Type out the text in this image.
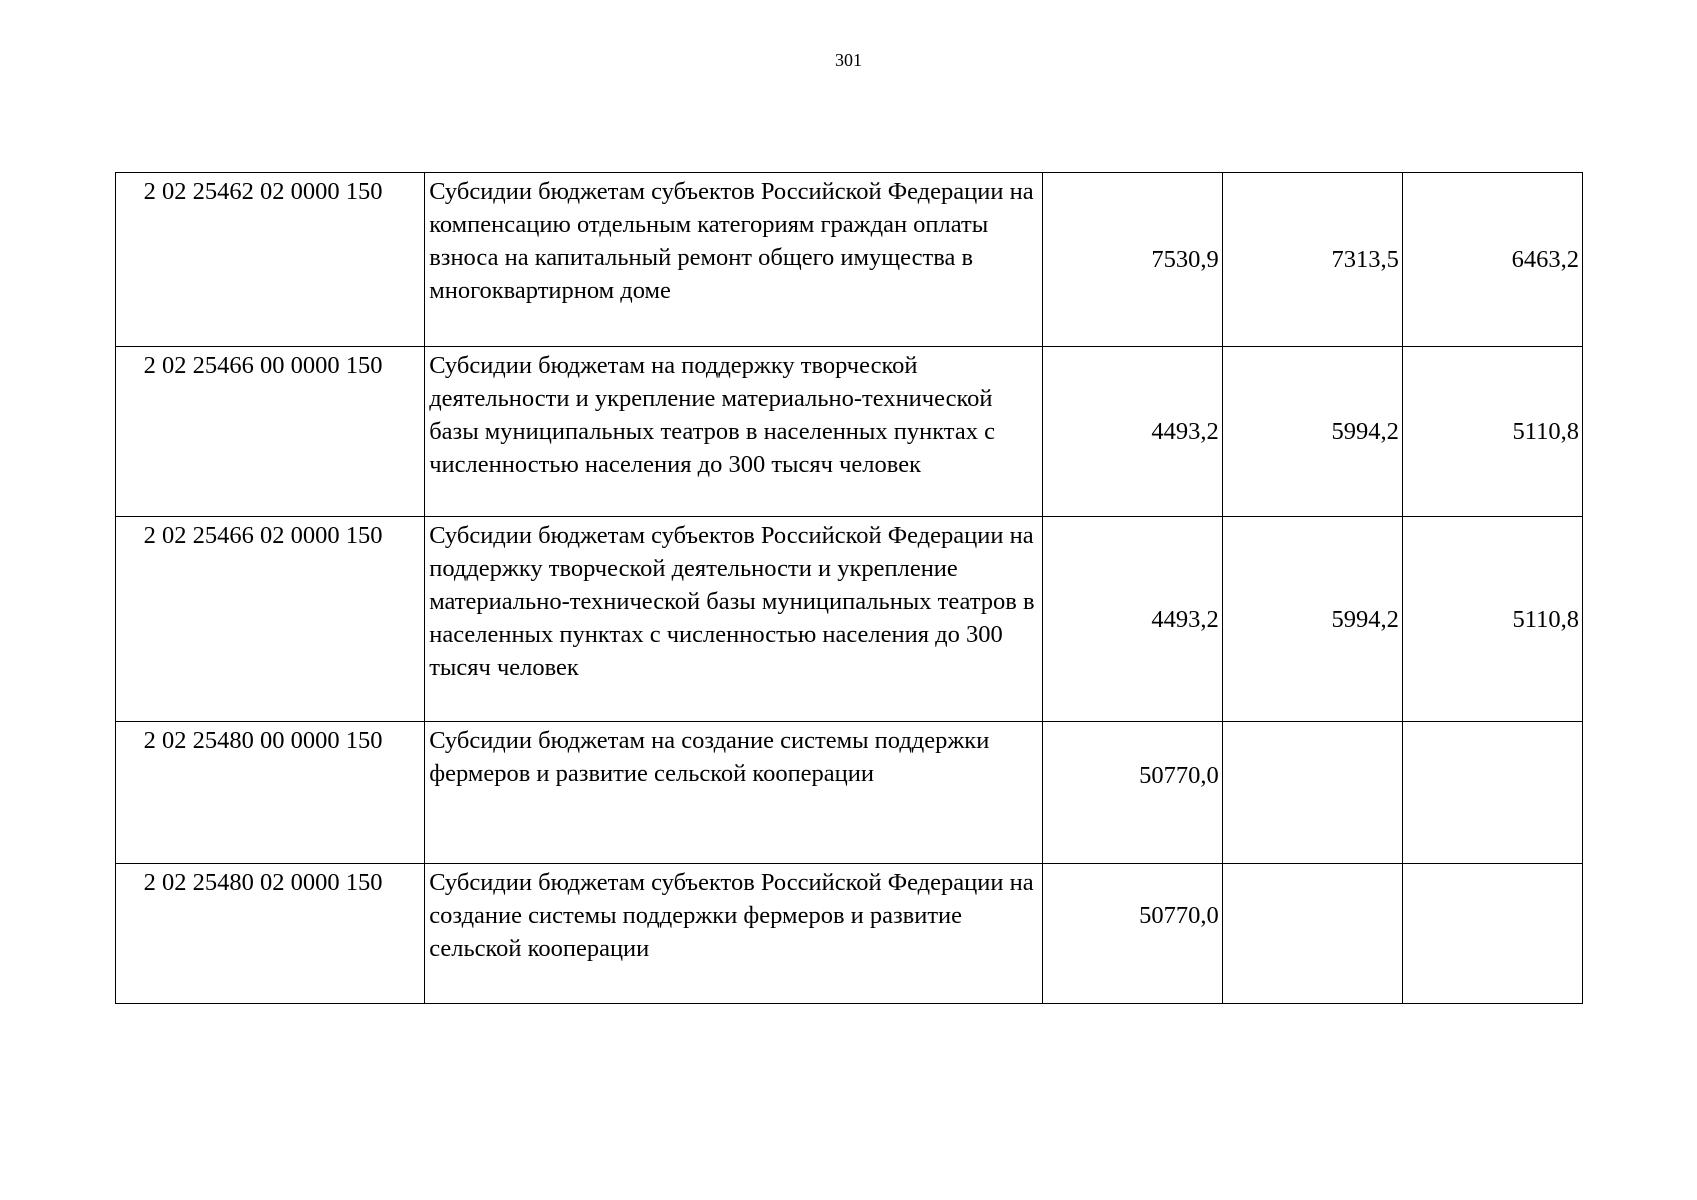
301
2 02 25462 02 0000 150	Субсидии бюджетам субъектов Российской Федерации на компенсацию отдельным категориям граждан оплаты взноса на капитальный ремонт общего имущества в многоквартирном доме	7530,9	7313,5	6463,2
2 02 25466 00 0000 150	Субсидии бюджетам на поддержку творческой деятельности и укрепление материально-технической базы муниципальных театров в населенных пунктах с численностью населения до 300 тысяч человек	4493,2	5994,2	5110,8
2 02 25466 02 0000 150	Субсидии бюджетам субъектов Российской Федерации на поддержку творческой деятельности и укрепление материально-технической базы муниципальных театров в населенных пунктах с численностью населения до 300 тысяч человек	4493,2	5994,2	5110,8
2 02 25480 00 0000 150	Субсидии бюджетам на создание системы поддержки фермеров и развитие сельской кооперации	50770,0		
2 02 25480 02 0000 150	Субсидии бюджетам субъектов Российской Федерации на создание системы поддержки фермеров и развитие сельской кооперации	50770,0		
